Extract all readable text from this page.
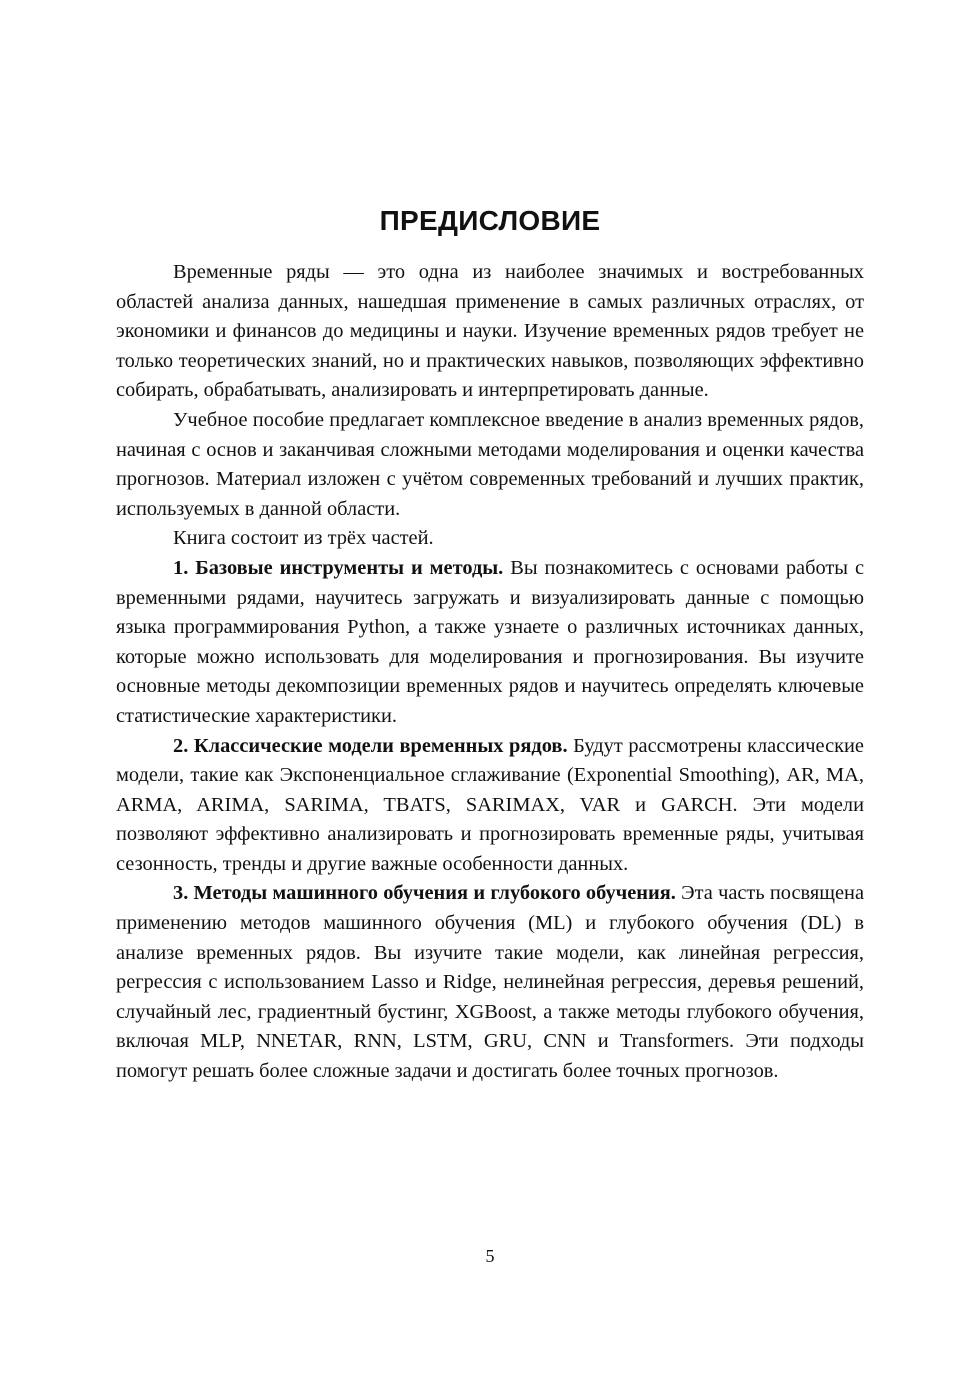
ПРЕДИСЛОВИЕ

Временные ряды — это одна из наиболее значимых и востребованных областей анализа данных, нашедшая применение в самых различных отраслях, от экономики и финансов до медицины и науки. Изучение временных рядов требует не только теоретических знаний, но и практических навыков, позволяющих эффективно собирать, обрабатывать, анализировать и интерпретировать данные.

Учебное пособие предлагает комплексное введение в анализ временных рядов, начиная с основ и заканчивая сложными методами моделирования и оценки качества прогнозов. Материал изложен с учётом современных требований и лучших практик, используемых в данной области.

Книга состоит из трёх частей.

1. Базовые инструменты и методы. Вы познакомитесь с основами работы с временными рядами, научитесь загружать и визуализировать данные с помощью языка программирования Python, а также узнаете о различных источниках данных, которые можно использовать для моделирования и прогнозирования. Вы изучите основные методы декомпозиции временных рядов и научитесь определять ключевые статистические характеристики.

2. Классические модели временных рядов. Будут рассмотрены классические модели, такие как Экспоненциальное сглаживание (Exponential Smoothing), AR, MA, ARMA, ARIMA, SARIMA, TBATS, SARIMAX, VAR и GARCH. Эти модели позволяют эффективно анализировать и прогнозировать временные ряды, учитывая сезонность, тренды и другие важные особенности данных.

3. Методы машинного обучения и глубокого обучения. Эта часть посвящена применению методов машинного обучения (ML) и глубокого обучения (DL) в анализе временных рядов. Вы изучите такие модели, как линейная регрессия, регрессия с использованием Lasso и Ridge, нелинейная регрессия, деревья решений, случайный лес, градиентный бустинг, XGBoost, а также методы глубокого обучения, включая MLP, NNETAR, RNN, LSTM, GRU, CNN и Transformers. Эти подходы помогут решать более сложные задачи и достигать более точных прогнозов.

5
